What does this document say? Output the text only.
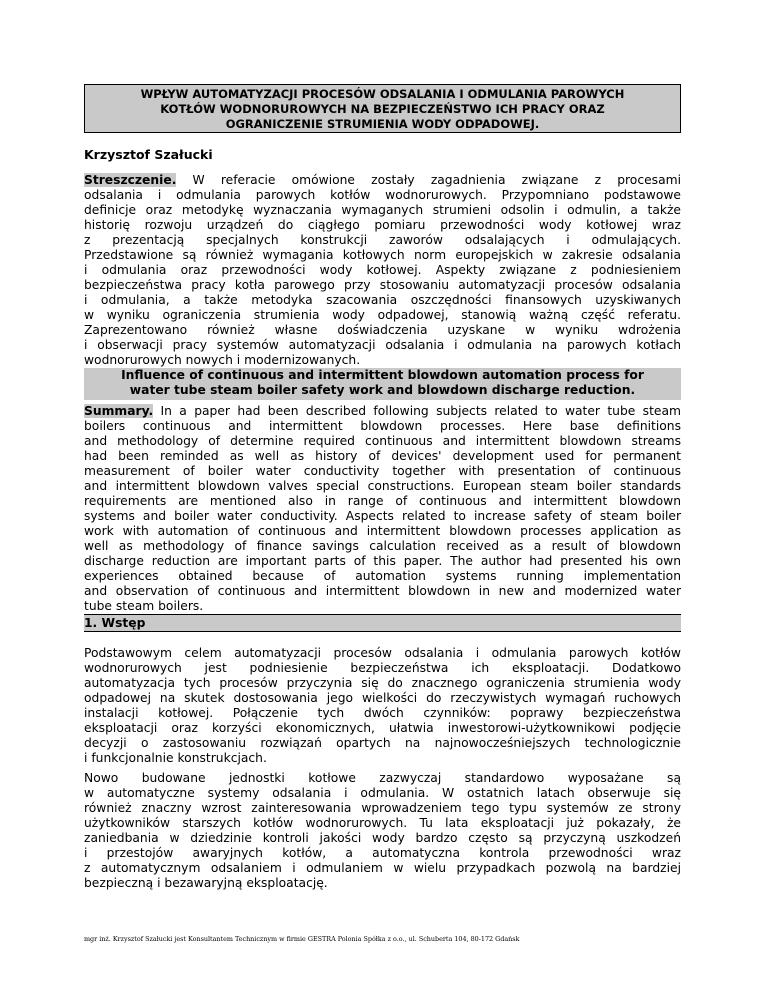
WPŁYW AUTOMATYZACJI PROCESÓW ODSALANIA I ODMULANIA PAROWYCH
KOTŁÓW WODNORUROWYCH NA BEZPIECZEŃSTWO ICH PRACY ORAZ
OGRANICZENIE STRUMIENIA WODY ODPADOWEJ.
Krzysztof Szałucki
Streszczenie. W referacie omówione zostały zagadnienia związane z procesami
odsalania i odmulania parowych kotłów wodnorurowych. Przypomniano podstawowe
definicje oraz metodykę wyznaczania wymaganych strumieni odsolin i odmulin, a także
historię rozwoju urządzeń do ciągłego pomiaru przewodności wody kotłowej wraz
z prezentacją specjalnych konstrukcji zaworów odsalających i odmulających.
Przedstawione są również wymagania kotłowych norm europejskich w zakresie odsalania
i odmulania oraz przewodności wody kotłowej. Aspekty związane z podniesieniem
bezpieczeństwa pracy kotła parowego przy stosowaniu automatyzacji procesów odsalania
i odmulania, a także metodyka szacowania oszczędności finansowych uzyskiwanych
w wyniku ograniczenia strumienia wody odpadowej, stanowią ważną część referatu.
Zaprezentowano również własne doświadczenia uzyskane w wyniku wdrożenia
i obserwacji pracy systemów automatyzacji odsalania i odmulania na parowych kotłach
wodnorurowych nowych i modernizowanych.
Influence of continuous and intermittent blowdown automation process for
water tube steam boiler safety work and blowdown discharge reduction.
Summary. In a paper had been described following subjects related to water tube steam
boilers continuous and intermittent blowdown processes. Here base definitions
and methodology of determine required continuous and intermittent blowdown streams
had been reminded as well as history of devices' development used for permanent
measurement of boiler water conductivity together with presentation of continuous
and intermittent blowdown valves special constructions. European steam boiler standards
requirements are mentioned also in range of continuous and intermittent blowdown
systems and boiler water conductivity. Aspects related to increase safety of steam boiler
work with automation of continuous and intermittent blowdown processes application as
well as methodology of finance savings calculation received as a result of blowdown
discharge reduction are important parts of this paper. The author had presented his own
experiences obtained because of automation systems running implementation
and observation of continuous and intermittent blowdown in new and modernized water
tube steam boilers.
1. Wstęp
Podstawowym celem automatyzacji procesów odsalania i odmulania parowych kotłów
wodnorurowych jest podniesienie bezpieczeństwa ich eksploatacji. Dodatkowo
automatyzacja tych procesów przyczynia się do znacznego ograniczenia strumienia wody
odpadowej na skutek dostosowania jego wielkości do rzeczywistych wymagań ruchowych
instalacji kotłowej. Połączenie tych dwóch czynników: poprawy bezpieczeństwa
eksploatacji oraz korzyści ekonomicznych, ułatwia inwestorowi-użytkownikowi podjęcie
decyzji o zastosowaniu rozwiązań opartych na najnowocześniejszych technologicznie
i funkcjonalnie konstrukcjach.
Nowo budowane jednostki kotłowe zazwyczaj standardowo wyposażane są
w automatyczne systemy odsalania i odmulania. W ostatnich latach obserwuje się
również znaczny wzrost zainteresowania wprowadzeniem tego typu systemów ze strony
użytkowników starszych kotłów wodnorurowych. Tu lata eksploatacji już pokazały, że
zaniedbania w dziedzinie kontroli jakości wody bardzo często są przyczyną uszkodzeń
i przestojów awaryjnych kotłów, a automatyczna kontrola przewodności wraz
z automatycznym odsalaniem i odmulaniem w wielu przypadkach pozwolą na bardziej
bezpieczną i bezawaryjną eksploatację.
mgr inż. Krzysztof Szałucki jest Konsultantem Technicznym w firmie GESTRA Polonia Spółka z o.o., ul. Schuberta 104, 80-172 Gdańsk
